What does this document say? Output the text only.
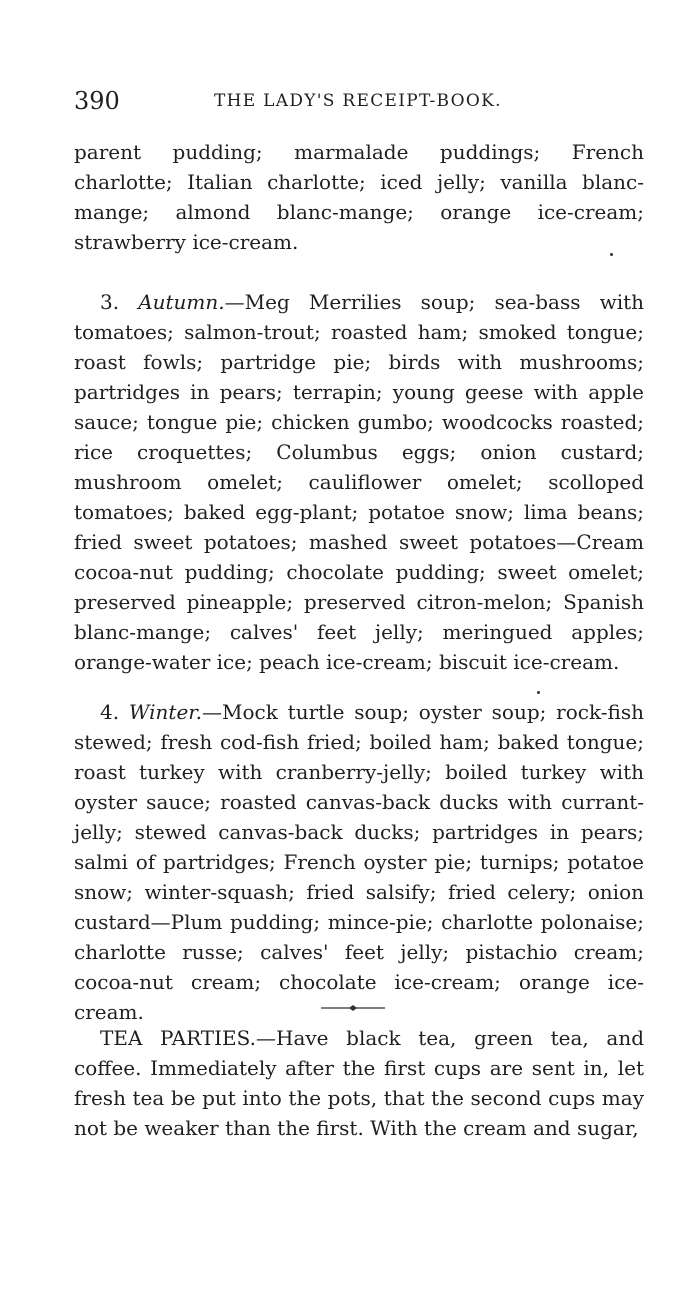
390	THE LADY'S RECEIPT-BOOK.
parent pudding; marmalade puddings; French charlotte; Italian charlotte; iced jelly; vanilla blanc-mange; almond blanc-mange; orange ice-cream; strawberry ice-cream.
3. Autumn.—Meg Merrilies soup; sea-bass with tomatoes; salmon-trout; roasted ham; smoked tongue; roast fowls; partridge pie; birds with mushrooms; partridges in pears; terrapin; young geese with apple sauce; tongue pie; chicken gumbo; woodcocks roasted; rice croquettes; Columbus eggs; onion custard; mushroom omelet; cauliflower omelet; scolloped tomatoes; baked egg-plant; potatoe snow; lima beans; fried sweet potatoes; mashed sweet potatoes—Cream cocoa-nut pudding; chocolate pudding; sweet omelet; preserved pineapple; preserved citron-melon; Spanish blanc-mange; calves' feet jelly; meringued apples; orange-water ice; peach ice-cream; biscuit ice-cream.
4. Winter.—Mock turtle soup; oyster soup; rock-fish stewed; fresh cod-fish fried; boiled ham; baked tongue; roast turkey with cranberry-jelly; boiled turkey with oyster sauce; roasted canvas-back ducks with currant-jelly; stewed canvas-back ducks; partridges in pears; salmi of partridges; French oyster pie; turnips; potatoe snow; winter-squash; fried salsify; fried celery; onion custard—Plum pudding; mince-pie; charlotte polonaise; charlotte russe; calves' feet jelly; pistachio cream; cocoa-nut cream; chocolate ice-cream; orange ice-cream.
TEA PARTIES.—Have black tea, green tea, and coffee. Immediately after the first cups are sent in, let fresh tea be put into the pots, that the second cups may not be weaker than the first. With the cream and sugar,
